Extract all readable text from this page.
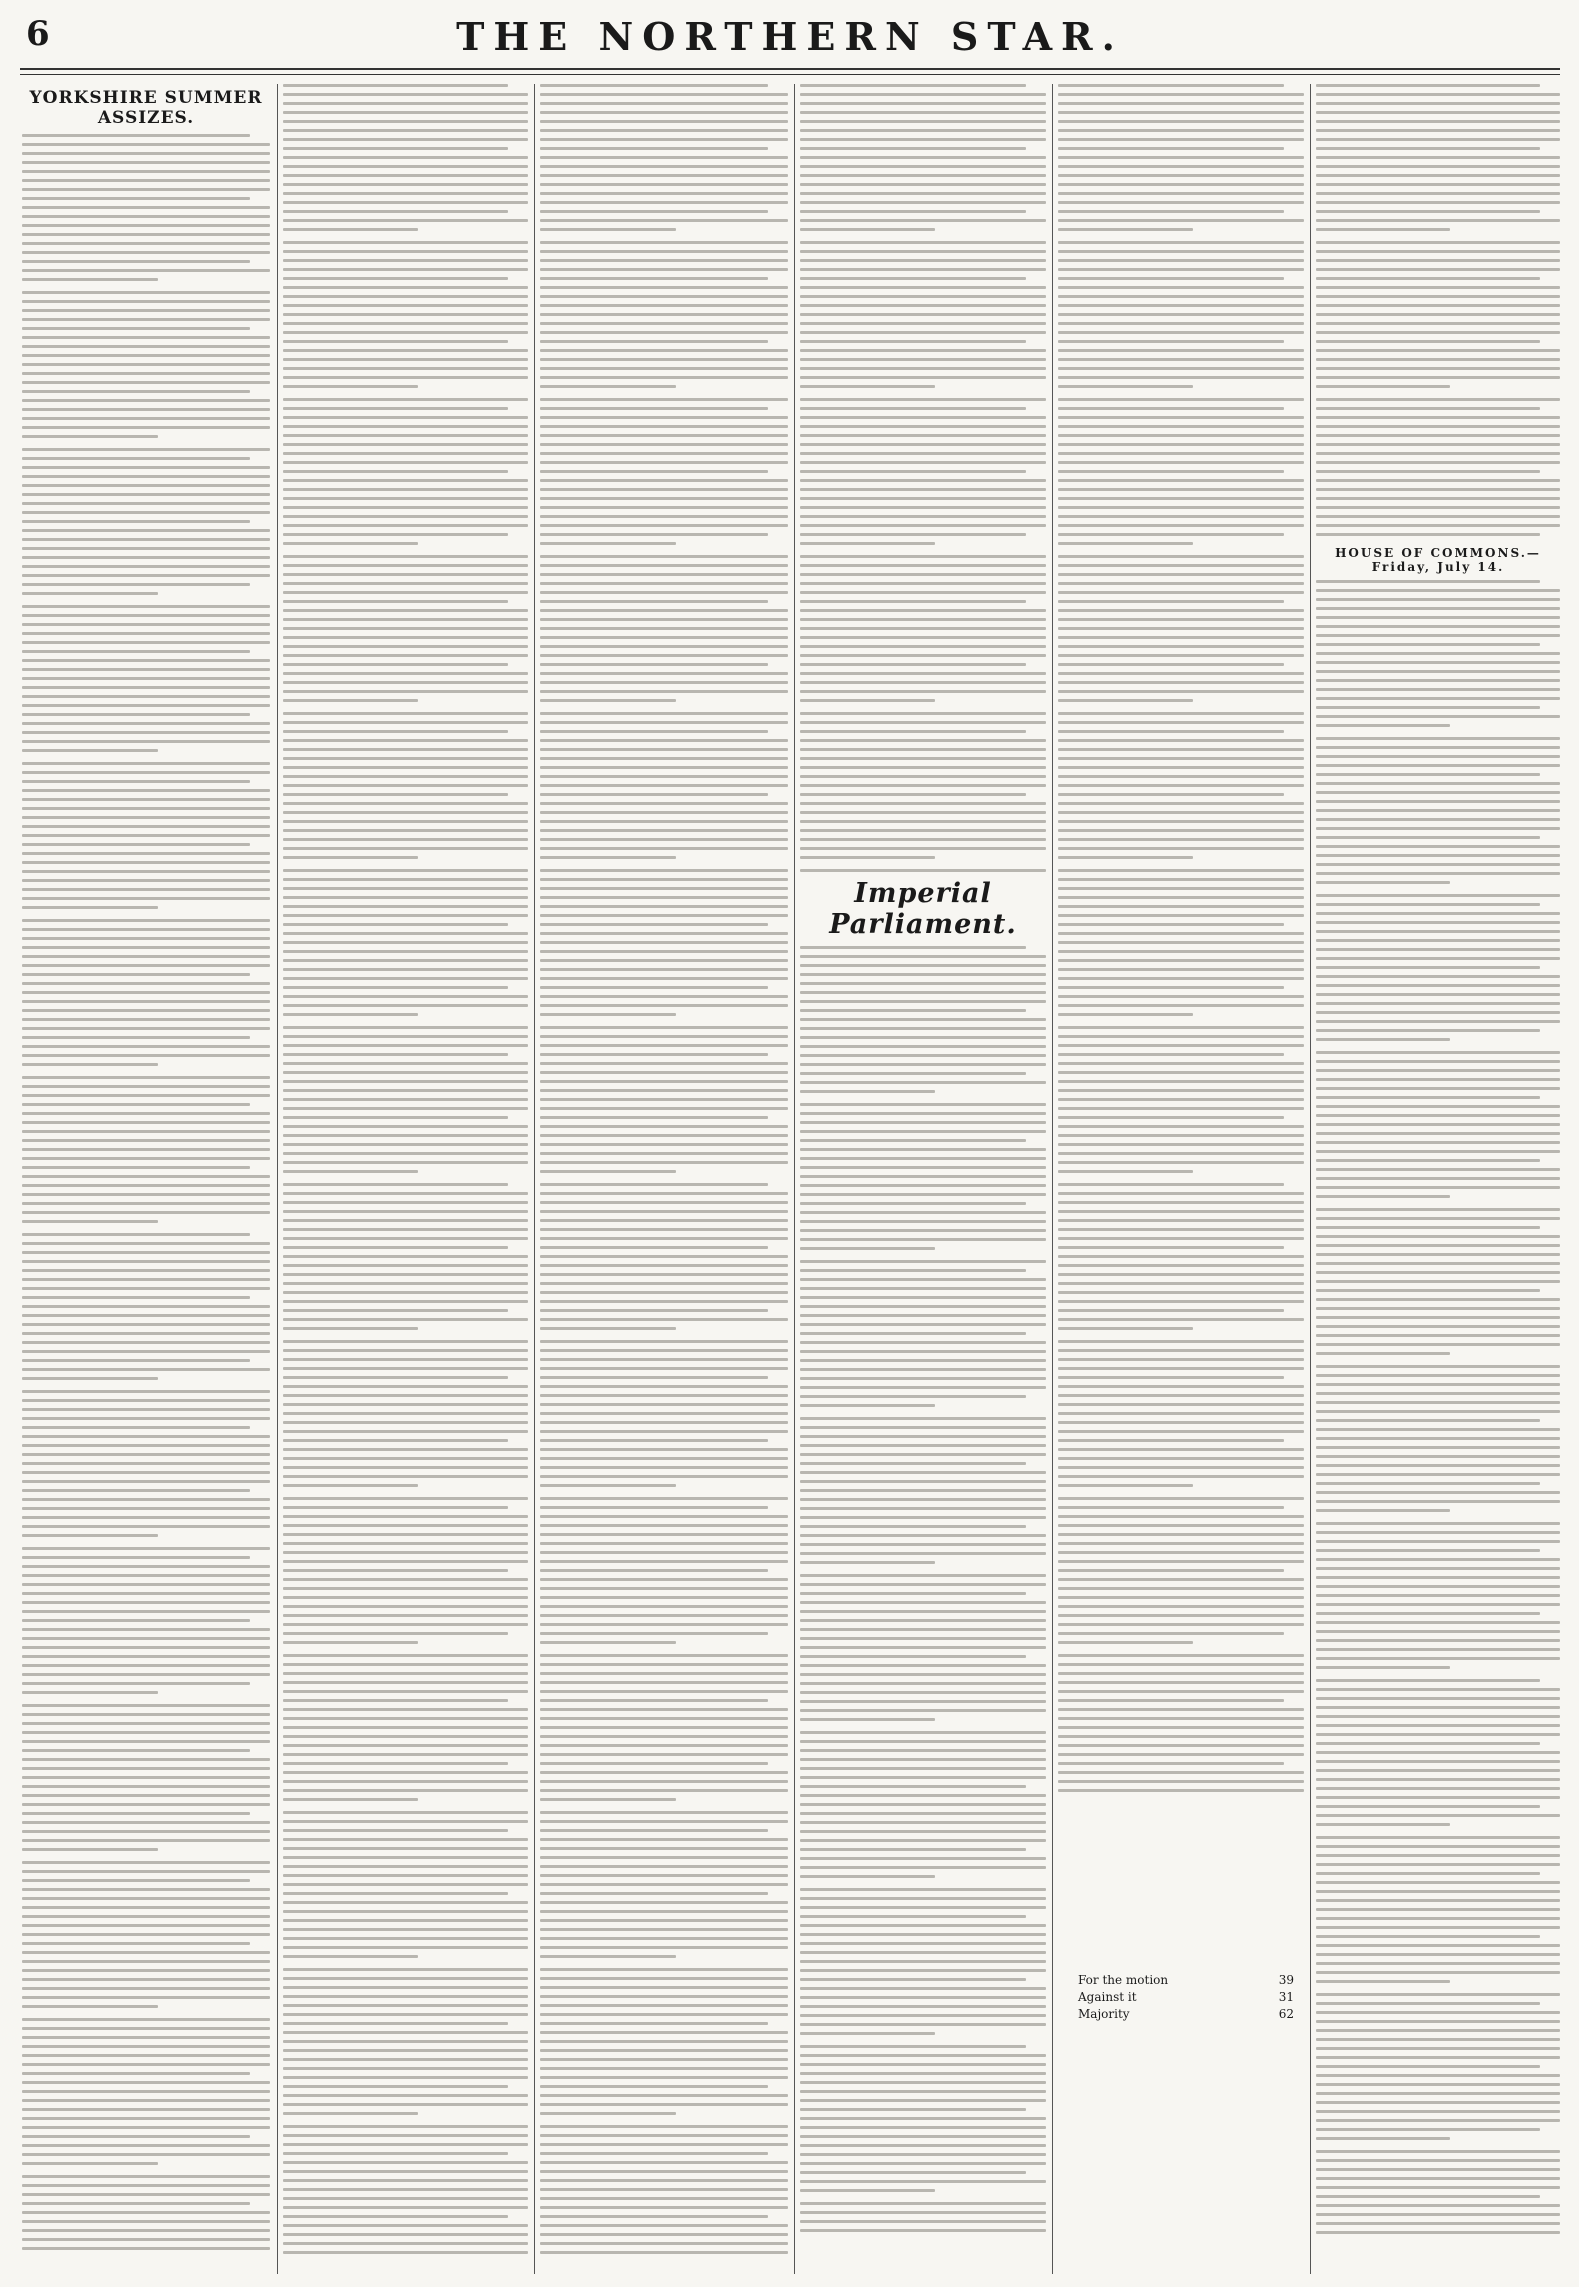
6	THE NORTHERN STAR.
YORKSHIRE SUMMER ASSIZES.
Imperial Parliament.
For the motion	39
Against it	31
Majority	62
HOUSE OF COMMONS.—Friday, July 14.
